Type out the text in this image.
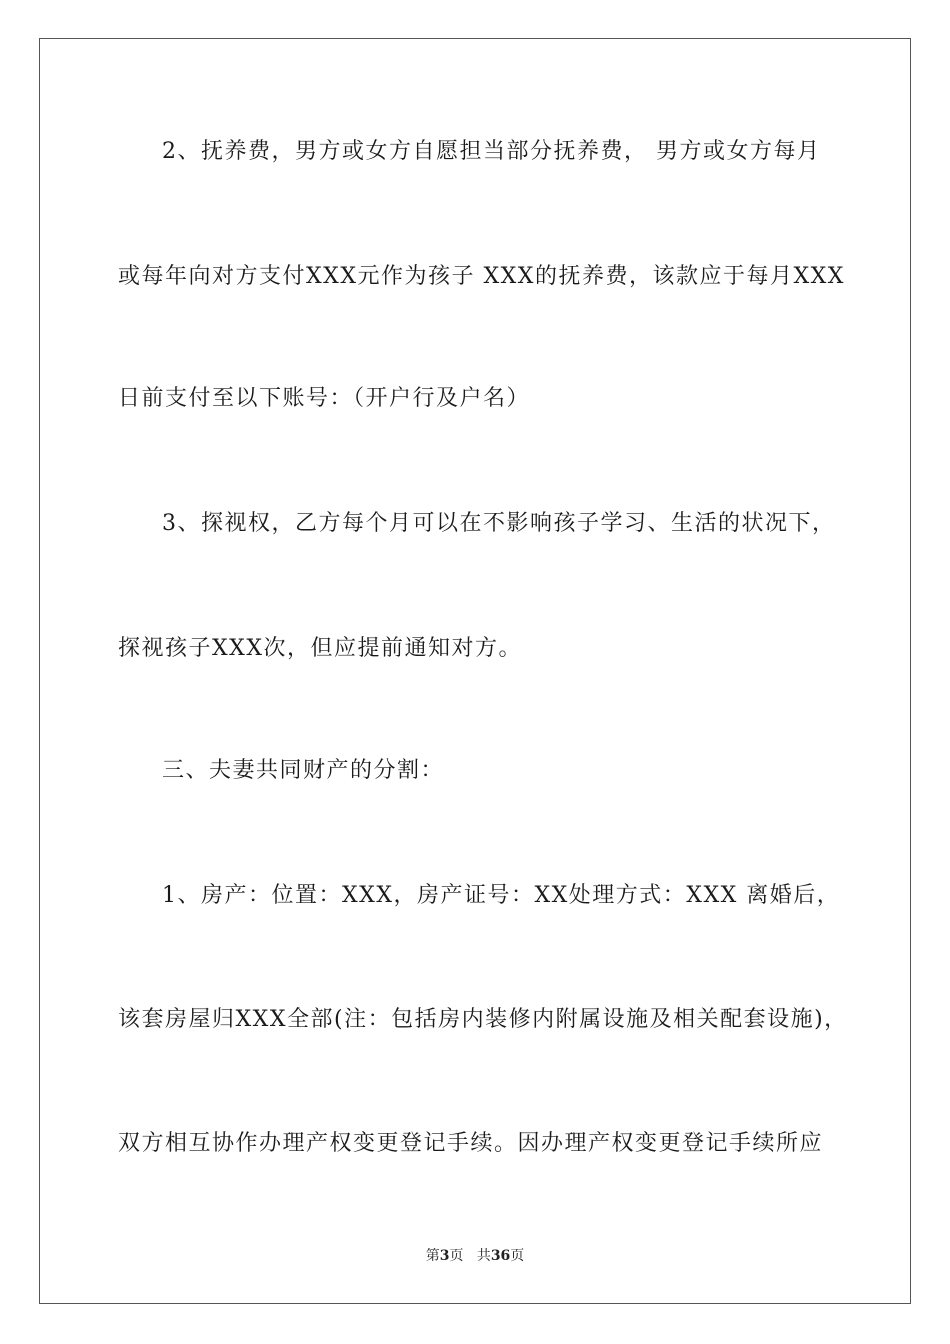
2、抚养费，男方或女方自愿担当部分抚养费， 男方或女方每月
或每年向对方支付XXX元作为孩子 XXX的抚养费，该款应于每月XXX
日前支付至以下账号：（开户行及户名）
3、探视权，乙方每个月可以在不影响孩子学习、生活的状况下，
探视孩子XXX次，但应提前通知对方。
三、夫妻共同财产的分割：
1、房产：位置：XXX，房产证号：XX处理方式：XXX 离婚后，
该套房屋归XXX全部(注：包括房内装修内附属设施及相关配套设施)，
双方相互协作办理产权变更登记手续。因办理产权变更登记手续所应
第3页 共36页
